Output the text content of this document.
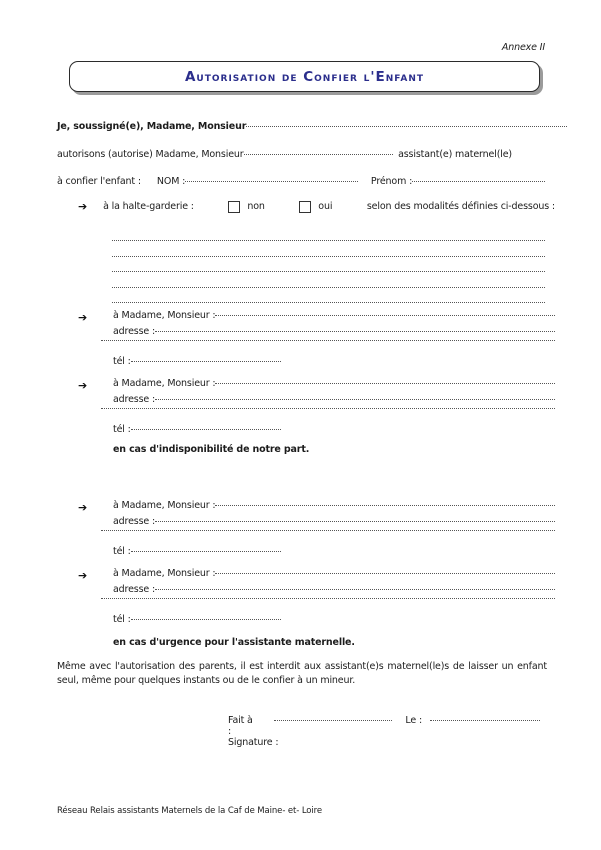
Annexe II
Autorisation de Confier l'Enfant
Je, soussigné(e), Madame, Monsieur
autorisons (autorise) Madame, Monsieur	assistant(e) maternel(le)
à confier l'enfant : NOM :	Prénom :
➔ à la halte-garderie :	non	oui	selon des modalités définies ci-dessous :
➔	à Madame, Monsieur :
adresse :
tél :
➔	à Madame, Monsieur :
adresse :
tél :
en cas d'indisponibilité de notre part.
➔	à Madame, Monsieur :
adresse :
tél :
➔	à Madame, Monsieur :
adresse :
tél :
en cas d'urgence pour l'assistante maternelle.
Même avec l'autorisation des parents, il est interdit aux assistant(e)s maternel(le)s de laisser un enfant seul, même pour quelques instants ou de le confier à un mineur.
Fait à :
Le :
Signature :
Réseau Relais assistants Maternels de la Caf de Maine- et- Loire
